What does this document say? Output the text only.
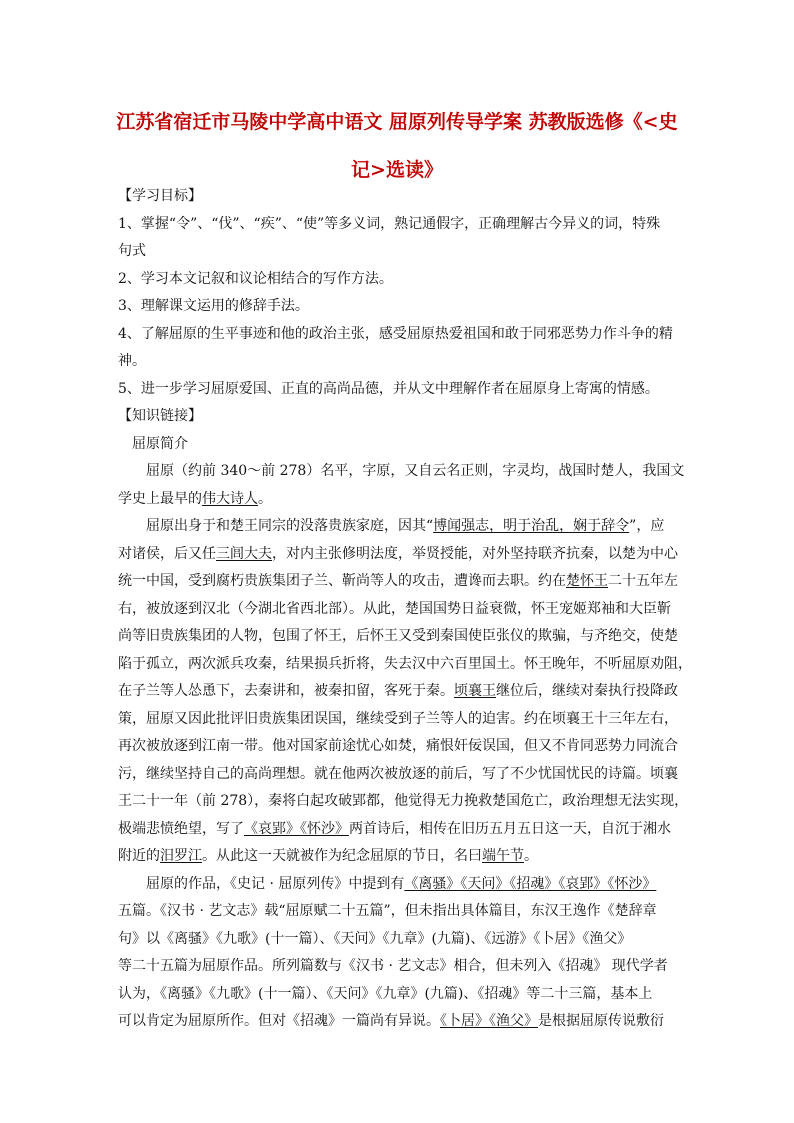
江苏省宿迁市马陵中学高中语文 屈原列传导学案 苏教版选修《<史
记>选读》
【学习目标】
1、掌握“令”、“伐”、“疾”、“使”等多义词，熟记通假字，正确理解古今异义的词，特殊
句式
2、学习本文记叙和议论相结合的写作方法。
3、理解课文运用的修辞手法。
4、了解屈原的生平事迹和他的政治主张，感受屈原热爱祖国和敢于同邪恶势力作斗争的精
神。
5、进一步学习屈原爱国、正直的高尚品德，并从文中理解作者在屈原身上寄寓的情感。
【知识链接】
屈原简介
屈原（约前 340～前 278）名平，字原，又自云名正则，字灵均，战国时楚人，我国文
学史上最早的伟大诗人。
屈原出身于和楚王同宗的没落贵族家庭，因其“博闻强志，明于治乱，娴于辞令”，应
对诸侯，后又任三闾大夫，对内主张修明法度，举贤授能，对外坚持联齐抗秦，以楚为中心
统一中国，受到腐朽贵族集团子兰、靳尚等人的攻击，遭谗而去职。约在楚怀王二十五年左
右，被放逐到汉北（今湖北省西北部）。从此，楚国国势日益衰微，怀王宠姬郑袖和大臣靳
尚等旧贵族集团的人物，包围了怀王，后怀王又受到秦国使臣张仪的欺骗，与齐绝交，使楚
陷于孤立，两次派兵攻秦，结果损兵折将，失去汉中六百里国土。怀王晚年，不听屈原劝阻，
在子兰等人怂恿下，去秦讲和，被秦扣留，客死于秦。顷襄王继位后，继续对秦执行投降政
策，屈原又因此批评旧贵族集团误国，继续受到子兰等人的迫害。约在顷襄王十三年左右，
再次被放逐到江南一带。他对国家前途忧心如焚，痛恨奸佞误国，但又不肯同恶势力同流合
污，继续坚持自己的高尚理想。就在他两次被放逐的前后，写了不少忧国忧民的诗篇。顷襄
王二十一年（前 278），秦将白起攻破郢都，他觉得无力挽救楚国危亡，政治理想无法实现，
极端悲愤绝望，写了《哀郢》《怀沙》两首诗后，相传在旧历五月五日这一天，自沉于湘水
附近的汨罗江。从此这一天就被作为纪念屈原的节日，名曰端午节。
屈原的作品，《史记 · 屈原列传》中提到有《离骚》《天问》《招魂》《哀郢》《怀沙》
五篇。《汉书 · 艺文志》载“屈原赋二十五篇”，但未指出具体篇目，东汉王逸作《楚辞章
句》以《离骚》《九歌》(十一篇）、《天问》《九章》(九篇)、《远游》《卜居》《渔父》
等二十五篇为屈原作品。所列篇数与《汉书 · 艺文志》相合，但未列入《招魂》 现代学者
认为，《离骚》《九歌》(十一篇）、《天问》《九章》(九篇)、《招魂》等二十三篇，基本上
可以肯定为屈原所作。但对《招魂》一篇尚有异说。《卜居》《渔父》是根据屈原传说敷衍
